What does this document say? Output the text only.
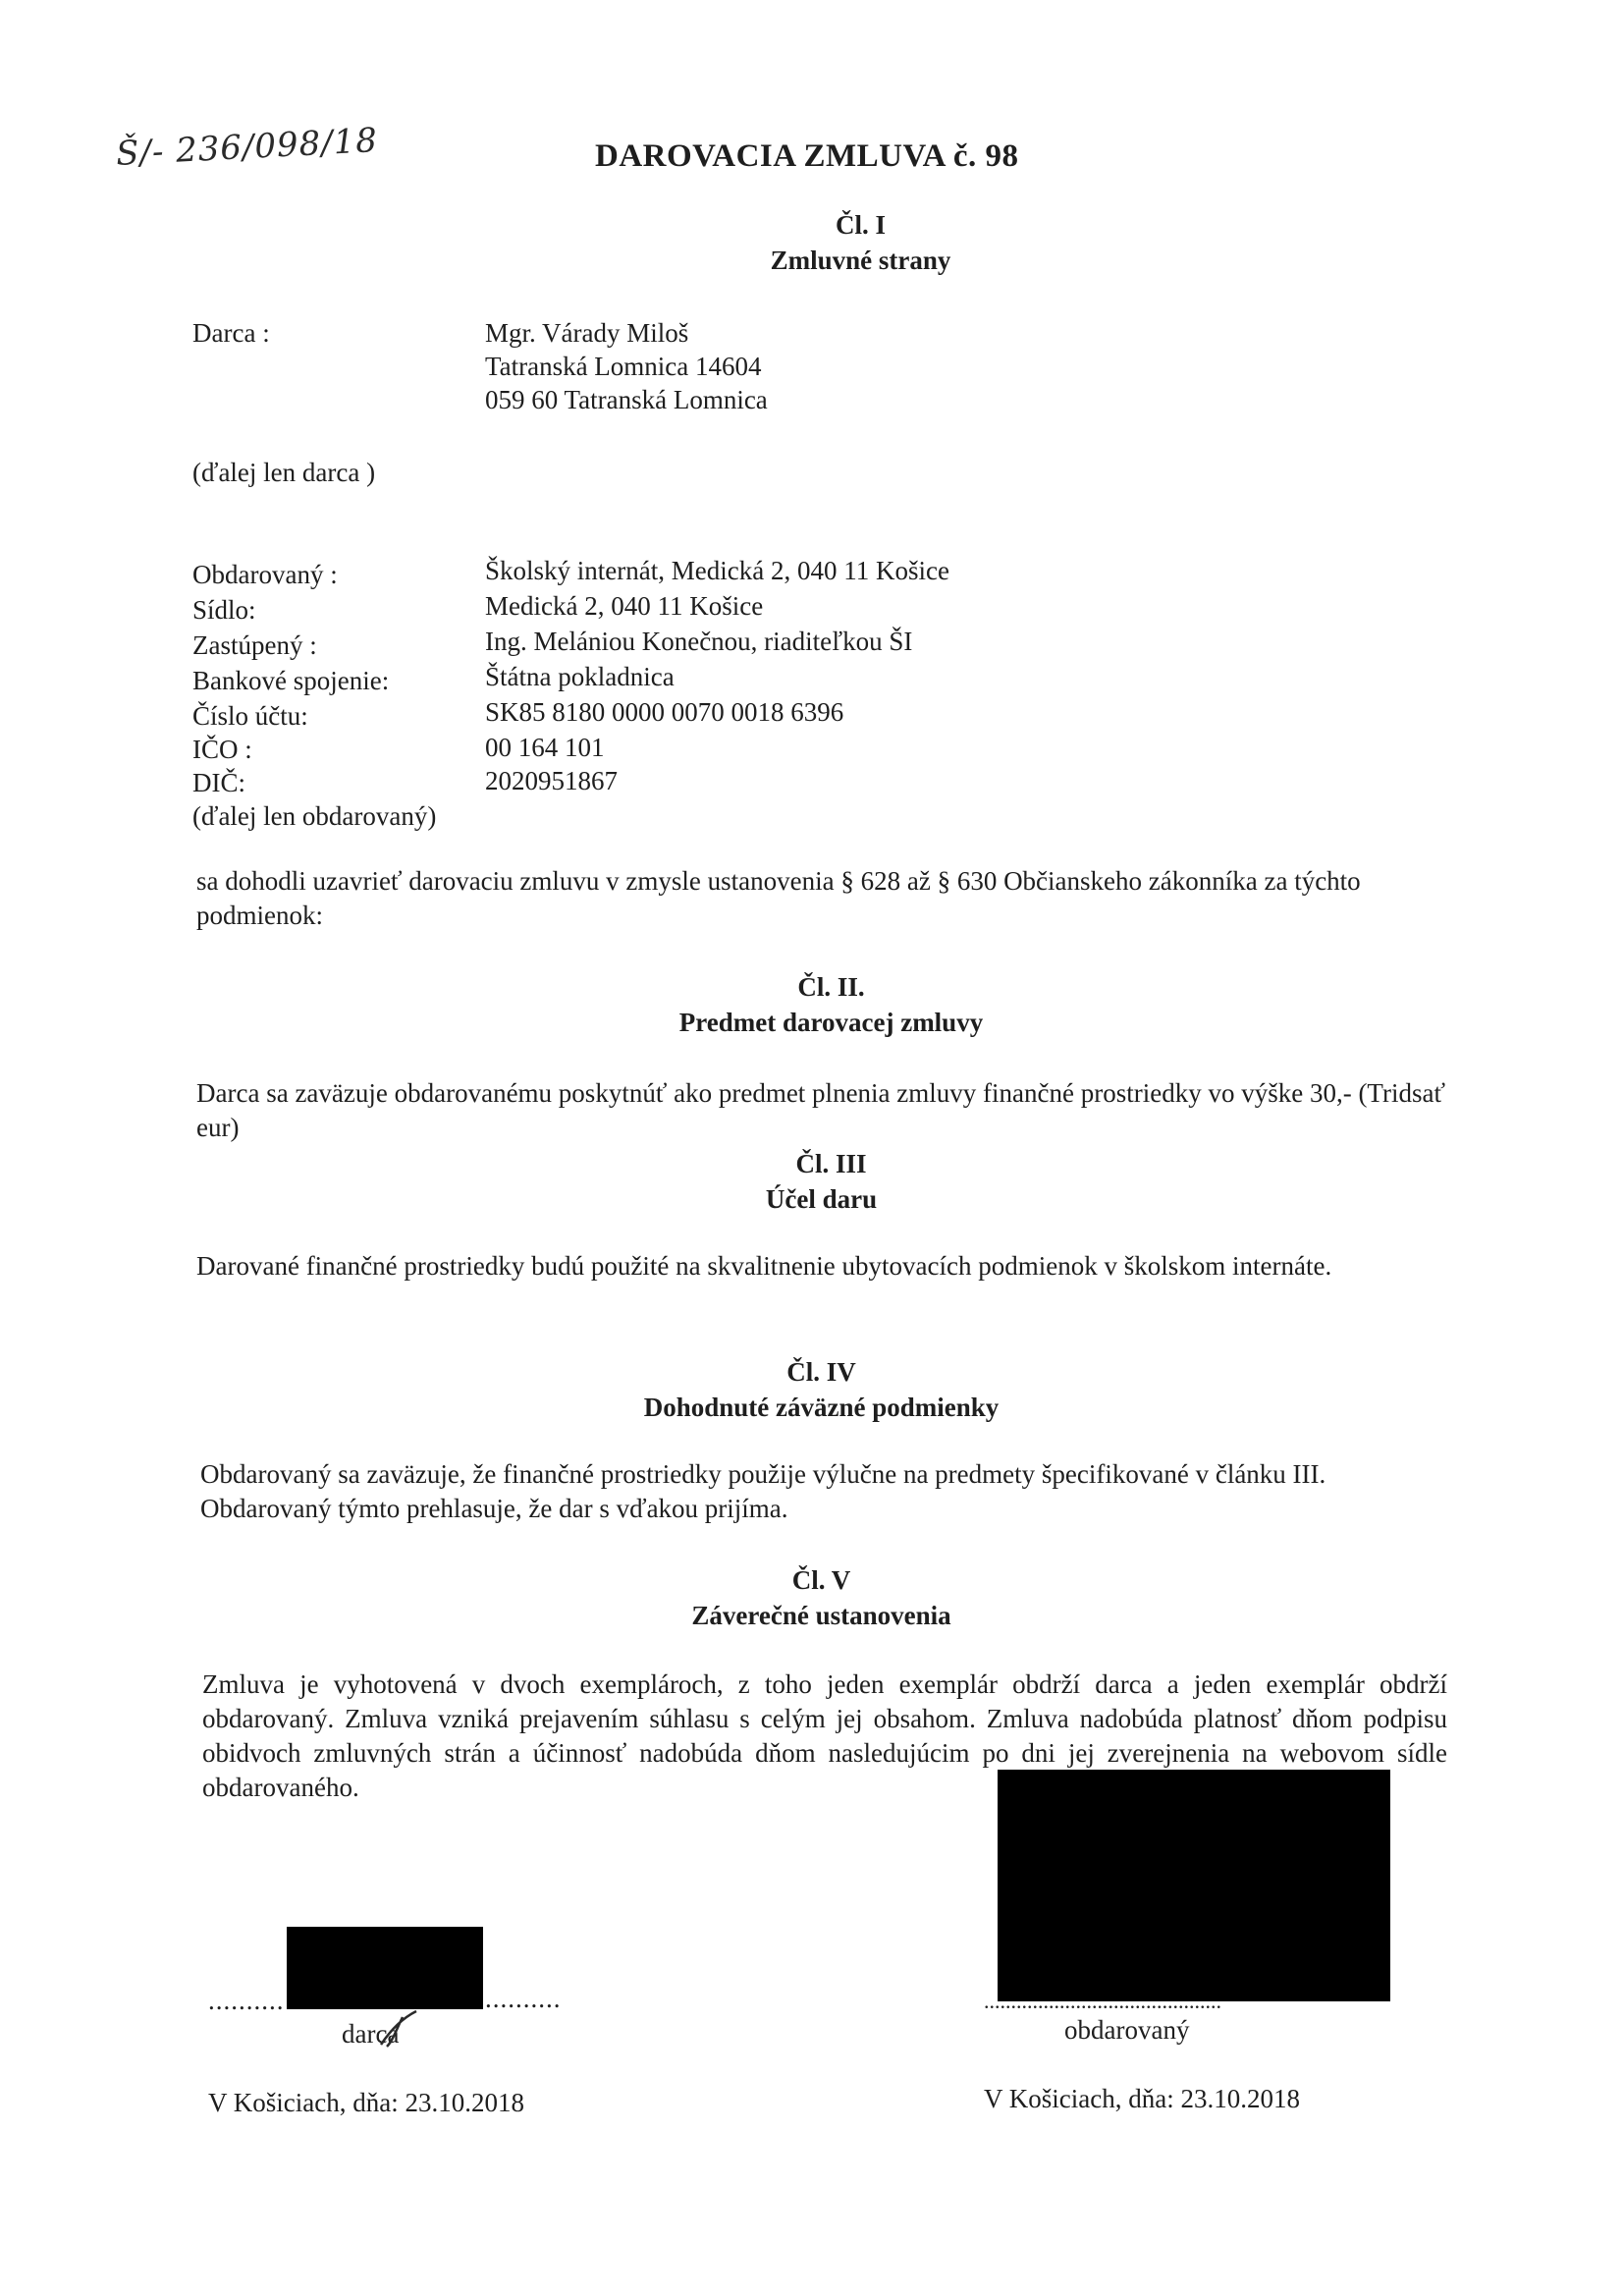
Š/- 236/098/18	DAROVACIA ZMLUVA č. 98
Čl. I
Zmluvné strany
Darca :	Mgr. Várady Miloš
Tatranská Lomnica 14604
059 60 Tatranská Lomnica
(ďalej len darca )
Obdarovaný :	Školský internát, Medická 2, 040 11 Košice
Sídlo:	Medická 2, 040 11 Košice
Zastúpený :	Ing. Melániou Konečnou, riaditeľkou ŠI
Bankové spojenie:	Štátna pokladnica
Číslo účtu:	SK85 8180 0000 0070 0018 6396
IČO :	00 164 101
DIČ:	2020951867
(ďalej len obdarovaný)
sa dohodli uzavrieť darovaciu zmluvu v zmysle ustanovenia § 628 až § 630 Občianskeho zákonníka za týchto podmienok:
Čl. II.
Predmet darovacej zmluvy
Darca sa zaväzuje obdarovanému poskytnúť ako predmet plnenia zmluvy finančné prostriedky vo výške 30,- (Tridsať eur)
Čl. III
Účel daru
Darované finančné prostriedky budú použité na skvalitnenie ubytovacích podmienok v školskom internáte.
Čl. IV
Dohodnuté záväzné podmienky
Obdarovaný sa zaväzuje, že finančné prostriedky použije výlučne na predmety špecifikované v článku III. Obdarovaný týmto prehlasuje, že dar s vďakou prijíma.
Čl. V
Záverečné ustanovenia
Zmluva je vyhotovená v dvoch exemplároch, z toho jeden exemplár obdrží darca a jeden exemplár obdrží obdarovaný. Zmluva vzniká prejavením súhlasu s celým jej obsahom. Zmluva nadobúda platnosť dňom podpisu obidvoch zmluvných strán a účinnosť nadobúda dňom nasledujúcim po dni jej zverejnenia na webovom sídle obdarovaného.
..........	..........
darca
............................................
obdarovaný
V Košiciach, dňa: 23.10.2018	V Košiciach, dňa: 23.10.2018
